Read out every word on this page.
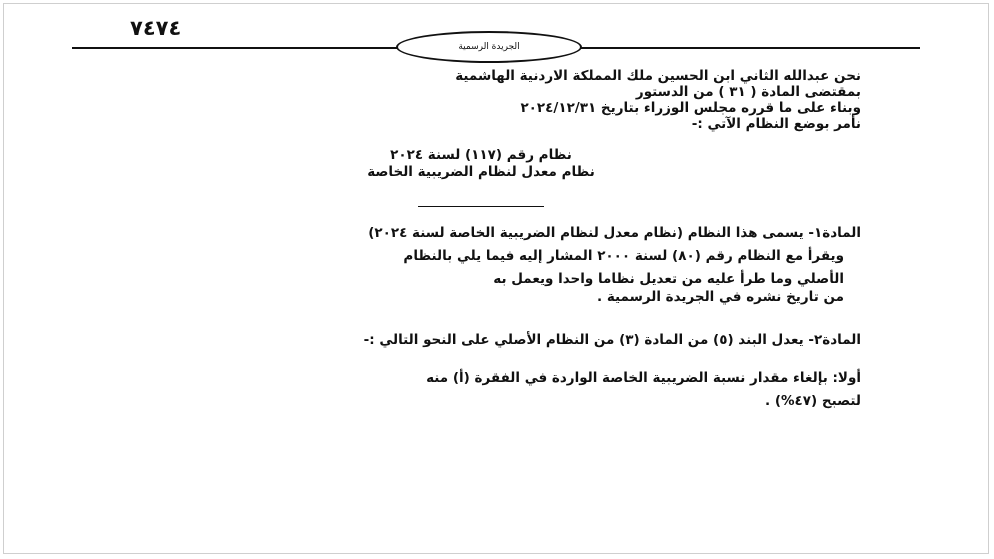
٧٤٧٤
الجريدة الرسمية
نحن عبدالله الثاني ابن الحسين ملك المملكة الاردنية الهاشمية
بمقتضى المادة ( ٣١ ) من الدستور
وبناء على ما قرره مجلس الوزراء بتاريخ ٢٠٢٤/١٢/٣١
نأمر بوضع النظام الآتي :-
نظام رقم (١١٧) لسنة ٢٠٢٤
نظام معدل لنظام الضريبية الخاصة
المادة١- يسمى هذا النظام (نظام معدل لنظام الضريبية الخاصة لسنة ٢٠٢٤)
ويقرأ مع النظام رقم (٨٠) لسنة ٢٠٠٠ المشار إليه فيما يلي بالنظام
الأصلي وما طرأ عليه من تعديل نظاما واحدا ويعمل به
من تاريخ نشره في الجريدة الرسمية .
المادة٢- يعدل البند (٥) من المادة (٣) من النظام الأصلي على النحو التالي :-
أولا: بإلغاء مقدار نسبة الضريبية الخاصة الواردة في الفقرة (أ) منه
لتصبح (٤٧%) .
